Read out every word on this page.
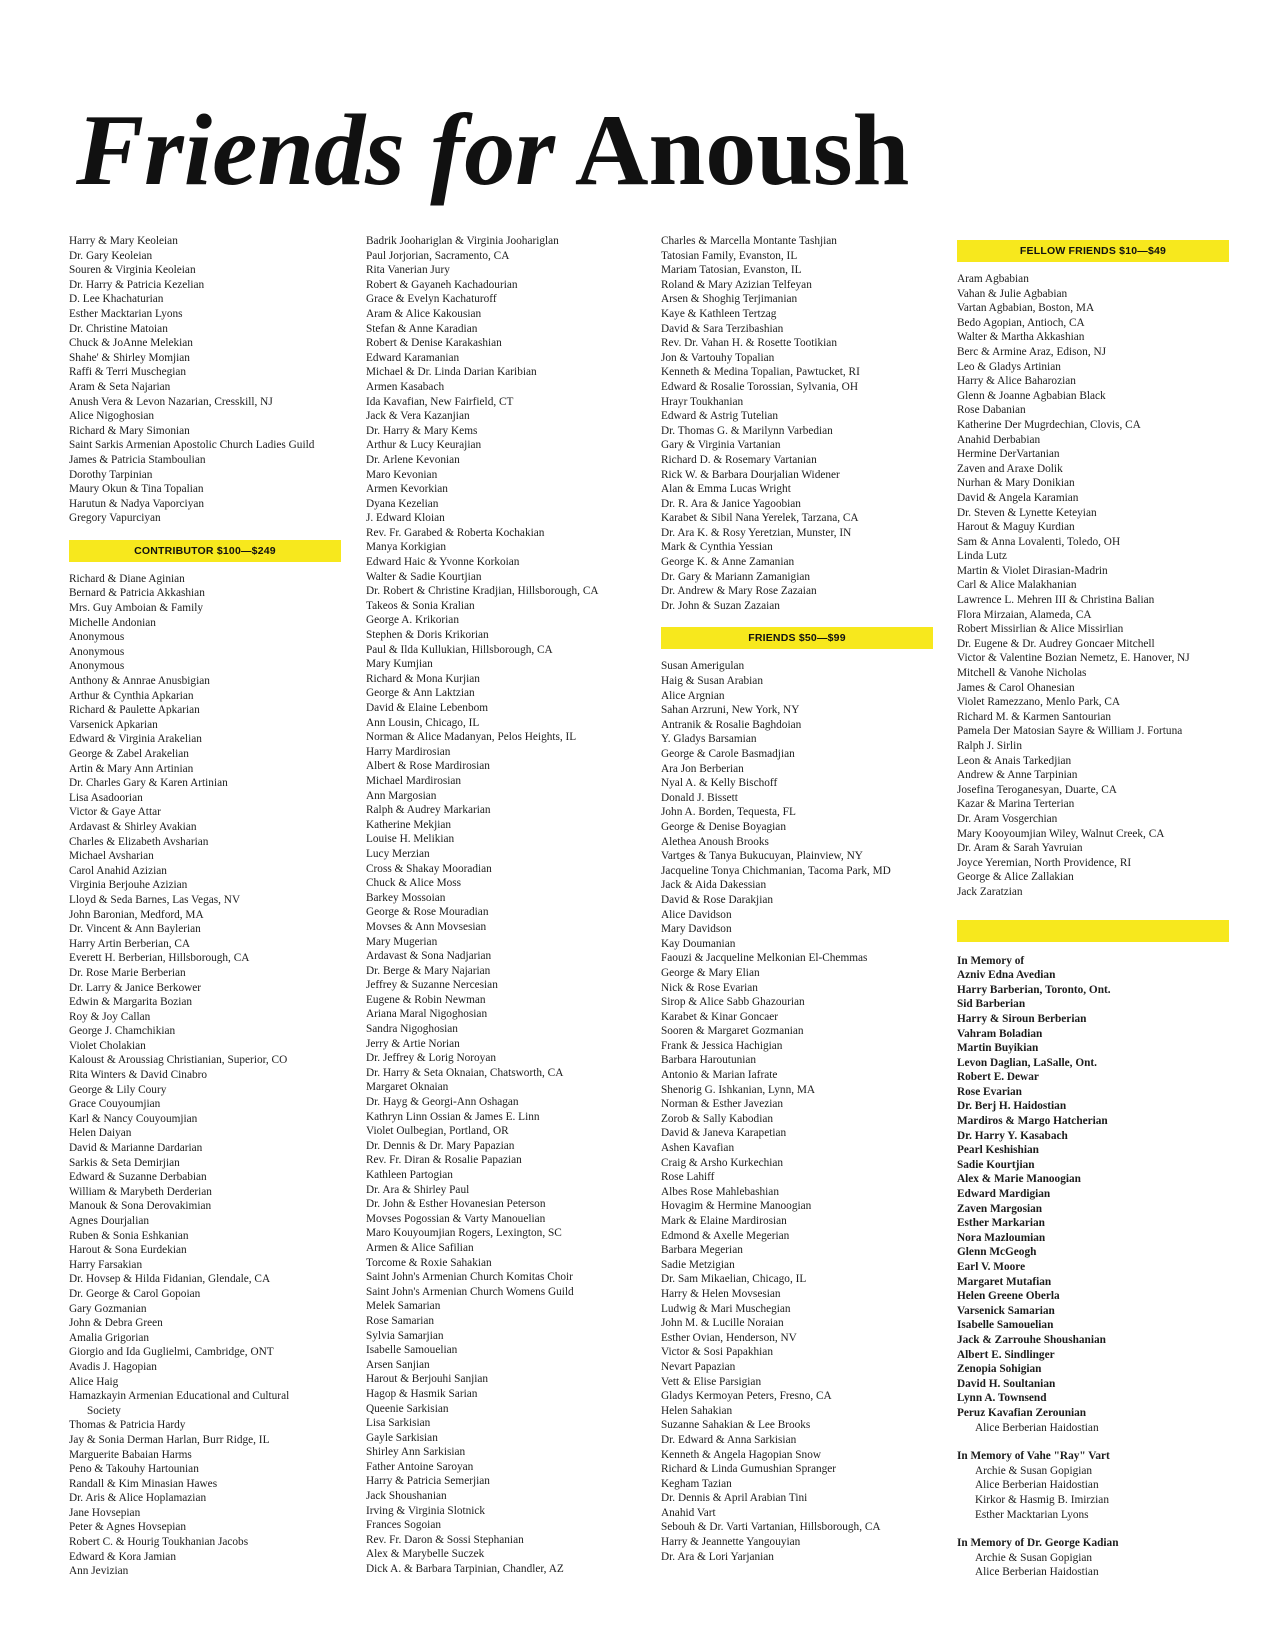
Friends for Anoush
Harry & Mary Keoleian
Dr. Gary Keoleian
Souren & Virginia Keoleian
Dr. Harry & Patricia Kezelian
D. Lee Khachaturian
Esther Macktarian Lyons
Dr. Christine Matoian
Chuck & JoAnne Melekian
Shahe' & Shirley Momjian
Raffi & Terri Muschegian
Aram & Seta Najarian
Anush Vera & Levon Nazarian, Cresskill, NJ
Alice Nigoghosian
Richard & Mary Simonian
Saint Sarkis Armenian Apostolic Church Ladies Guild
James & Patricia Stamboulian
Dorothy Tarpinian
Maury Okun & Tina Topalian
Harutun & Nadya Vaporciyan
Gregory Vapurciyan
CONTRIBUTOR $100—$249
Richard & Diane Aginian
Bernard & Patricia Akkashian
Mrs. Guy Amboian & Family
Michelle Andonian
Anonymous
Anonymous
Anonymous
Anthony & Annrae Anusbigian
Arthur & Cynthia Apkarian
Richard & Paulette Apkarian
Varsenick Apkarian
Edward & Virginia Arakelian
George & Zabel Arakelian
Artin & Mary Ann Artinian
Dr. Charles Gary & Karen Artinian
Lisa Asadoorian
Victor & Gaye Attar
Ardavast & Shirley Avakian
Charles & Elizabeth Avsharian
Michael Avsharian
Carol Anahid Azizian
Virginia Berjouhe Azizian
Lloyd & Seda Barnes, Las Vegas, NV
John Baronian, Medford, MA
Dr. Vincent & Ann Baylerian
Harry Artin Berberian, CA
Everett H. Berberian, Hillsborough, CA
Dr. Rose Marie Berberian
Dr. Larry & Janice Berkower
Edwin & Margarita Bozian
Roy & Joy Callan
George J. Chamchikian
Violet Cholakian
Kaloust & Aroussiag Christianian, Superior, CO
Rita Winters & David Cinabro
George & Lily Coury
Grace Couyoumjian
Karl & Nancy Couyoumjian
Helen Daiyan
David & Marianne Dardarian
Sarkis & Seta Demirjian
Edward & Suzanne Derbabian
William & Marybeth Derderian
Manouk & Sona Derovakimian
Agnes Dourjalian
Ruben & Sonia Eshkanian
Harout & Sona Eurdekian
Harry Farsakian
Dr. Hovsep & Hilda Fidanian, Glendale, CA
Dr. George & Carol Gopoian
Gary Gozmanian
John & Debra Green
Amalia Grigorian
Giorgio and Ida Guglielmi, Cambridge, ONT
Avadis J. Hagopian
Alice Haig
Hamazkayin Armenian Educational and Cultural
Society
Thomas & Patricia Hardy
Jay & Sonia Derman Harlan, Burr Ridge, IL
Marguerite Babaian Harms
Peno & Takouhy Hartounian
Randall & Kim Minasian Hawes
Dr. Aris & Alice Hoplamazian
Jane Hovsepian
Peter & Agnes Hovsepian
Robert C. & Hourig Toukhanian Jacobs
Edward & Kora Jamian
Ann Jevizian
Badrik Joohariglan & Virginia Joohariglan
Paul Jorjorian, Sacramento, CA
Rita Vanerian Jury
Robert & Gayaneh Kachadourian
Grace & Evelyn Kachaturoff
Aram & Alice Kakousian
Stefan & Anne Karadian
Robert & Denise Karakashian
Edward Karamanian
Michael & Dr. Linda Darian Karibian
Armen Kasabach
Ida Kavafian, New Fairfield, CT
Jack & Vera Kazanjian
Dr. Harry & Mary Kems
Arthur & Lucy Keurajian
Dr. Arlene Kevonian
Maro Kevonian
Armen Kevorkian
Dyana Kezelian
J. Edward Kloian
Rev. Fr. Garabed & Roberta Kochakian
Manya Korkigian
Edward Haic & Yvonne Korkoian
Walter & Sadie Kourtjian
Dr. Robert & Christine Kradjian, Hillsborough, CA
Takeos & Sonia Kralian
George A. Krikorian
Stephen & Doris Krikorian
Paul & Ilda Kullukian, Hillsborough, CA
Mary Kumjian
Richard & Mona Kurjian
George & Ann Laktzian
David & Elaine Lebenbom
Ann Lousin, Chicago, IL
Norman & Alice Madanyan, Pelos Heights, IL
Harry Mardirosian
Albert & Rose Mardirosian
Michael Mardirosian
Ann Margosian
Ralph & Audrey Markarian
Katherine Mekjian
Louise H. Melikian
Lucy Merzian
Cross & Shakay Mooradian
Chuck & Alice Moss
Barkey Mossoian
George & Rose Mouradian
Movses & Ann Movsesian
Mary Mugerian
Ardavast & Sona Nadjarian
Dr. Berge & Mary Najarian
Jeffrey & Suzanne Nercesian
Eugene & Robin Newman
Ariana Maral Nigoghosian
Sandra Nigoghosian
Jerry & Artie Norian
Dr. Jeffrey & Lorig Noroyan
Dr. Harry & Seta Oknaian, Chatsworth, CA
Margaret Oknaian
Dr. Hayg & Georgi-Ann Oshagan
Kathryn Linn Ossian & James E. Linn
Violet Oulbegian, Portland, OR
Dr. Dennis & Dr. Mary Papazian
Rev. Fr. Diran & Rosalie Papazian
Kathleen Partogian
Dr. Ara & Shirley Paul
Dr. John & Esther Hovanesian Peterson
Movses Pogossian & Varty Manouelian
Maro Kouyoumjian Rogers, Lexington, SC
Armen & Alice Safilian
Torcome & Roxie Sahakian
Saint John's Armenian Church Komitas Choir
Saint John's Armenian Church Womens Guild
Melek Samarian
Rose Samarian
Sylvia Samarjian
Isabelle Samouelian
Arsen Sanjian
Harout & Berjouhi Sanjian
Hagop & Hasmik Sarian
Queenie Sarkisian
Lisa Sarkisian
Gayle Sarkisian
Shirley Ann Sarkisian
Father Antoine Saroyan
Harry & Patricia Semerjian
Jack Shoushanian
Irving & Virginia Slotnick
Frances Sogoian
Rev. Fr. Daron & Sossi Stephanian
Alex & Marybelle Suczek
Dick A. & Barbara Tarpinian, Chandler, AZ
Charles & Marcella Montante Tashjian
Tatosian Family, Evanston, IL
Mariam Tatosian, Evanston, IL
Roland & Mary Azizian Telfeyan
Arsen & Shoghig Terjimanian
Kaye & Kathleen Tertzag
David & Sara Terzibashian
Rev. Dr. Vahan H. & Rosette Tootikian
Jon & Vartouhy Topalian
Kenneth & Medina Topalian, Pawtucket, RI
Edward & Rosalie Torossian, Sylvania, OH
Hrayr Toukhanian
Edward & Astrig Tutelian
Dr. Thomas G. & Marilynn Varbedian
Gary & Virginia Vartanian
Richard D. & Rosemary Vartanian
Rick W. & Barbara Dourjalian Widener
Alan & Emma Lucas Wright
Dr. R. Ara & Janice Yagoobian
Karabet & Sibil Nana Yerelek, Tarzana, CA
Dr. Ara K. & Rosy Yeretzian, Munster, IN
Mark & Cynthia Yessian
George K. & Anne Zamanian
Dr. Gary & Mariann Zamanigian
Dr. Andrew & Mary Rose Zazaian
Dr. John & Suzan Zazaian
FRIENDS $50—$99
Susan Amerigulan
Haig & Susan Arabian
Alice Argnian
Sahan Arzruni, New York, NY
Antranik & Rosalie Baghdoian
Y. Gladys Barsamian
George & Carole Basmadjian
Ara Jon Berberian
Nyal A. & Kelly Bischoff
Donald J. Bissett
John A. Borden, Tequesta, FL
George & Denise Boyagian
Alethea Anoush Brooks
Vartges & Tanya Bukucuyan, Plainview, NY
Jacqueline Tonya Chichmanian, Tacoma Park, MD
Jack & Aida Dakessian
David & Rose Darakjian
Alice Davidson
Mary Davidson
Kay Doumanian
Faouzi & Jacqueline Melkonian El-Chemmas
George & Mary Elian
Nick & Rose Evarian
Sirop & Alice Sabb Ghazourian
Karabet & Kinar Goncaer
Sooren & Margaret Gozmanian
Frank & Jessica Hachigian
Barbara Haroutunian
Antonio & Marian Iafrate
Shenorig G. Ishkanian, Lynn, MA
Norman & Esther Javezian
Zorob & Sally Kabodian
David & Janeva Karapetian
Ashen Kavafian
Craig & Arsho Kurkechian
Rose Lahiff
Albes Rose Mahlebashian
Hovagim & Hermine Manoogian
Mark & Elaine Mardirosian
Edmond & Axelle Megerian
Barbara Megerian
Sadie Metzigian
Dr. Sam Mikaelian, Chicago, IL
Harry & Helen Movsesian
Ludwig & Mari Muschegian
John M. & Lucille Noraian
Esther Ovian, Henderson, NV
Victor & Sosi Papakhian
Nevart Papazian
Vett & Elise Parsigian
Gladys Kermoyan Peters, Fresno, CA
Helen Sahakian
Suzanne Sahakian & Lee Brooks
Dr. Edward & Anna Sarkisian
Kenneth & Angela Hagopian Snow
Richard & Linda Gumushian Spranger
Kegham Tazian
Dr. Dennis & April Arabian Tini
Anahid Vart
Sebouh & Dr. Varti Vartanian, Hillsborough, CA
Harry & Jeannette Yangouyian
Dr. Ara & Lori Yarjanian
FELLOW FRIENDS $10—$49
Aram Agbabian
Vahan & Julie Agbabian
Vartan Agbabian, Boston, MA
Bedo Agopian, Antioch, CA
Walter & Martha Akkashian
Berc & Armine Araz, Edison, NJ
Leo & Gladys Artinian
Harry & Alice Baharozian
Glenn & Joanne Agbabian Black
Rose Dabanian
Katherine Der Mugrdechian, Clovis, CA
Anahid Derbabian
Hermine DerVartanian
Zaven and Araxe Dolik
Nurhan & Mary Donikian
David & Angela Karamian
Dr. Steven & Lynette Keteyian
Harout & Maguy Kurdian
Sam & Anna Lovalenti, Toledo, OH
Linda Lutz
Martin & Violet Dirasian-Madrin
Carl & Alice Malakhanian
Lawrence L. Mehren III & Christina Balian
Flora Mirzaian, Alameda, CA
Robert Missirlian & Alice Missirlian
Dr. Eugene & Dr. Audrey Goncaer Mitchell
Victor & Valentine Bozian Nemetz, E. Hanover, NJ
Mitchell & Vanohe Nicholas
James & Carol Ohanesian
Violet Ramezzano, Menlo Park, CA
Richard M. & Karmen Santourian
Pamela Der Matosian Sayre & William J. Fortuna
Ralph J. Sirlin
Leon & Anais Tarkedjian
Andrew & Anne Tarpinian
Josefina Teroganesyan, Duarte, CA
Kazar & Marina Terterian
Dr. Aram Vosgerchian
Mary Kooyoumjian Wiley, Walnut Creek, CA
Dr. Aram & Sarah Yavruian
Joyce Yeremian, North Providence, RI
George & Alice Zallakian
Jack Zaratzian
In Memory of
Azniv Edna Avedian
Harry Barberian, Toronto, Ont.
Sid Barberian
Harry & Siroun Berberian
Vahram Boladian
Martin Buyikian
Levon Daglian, LaSalle, Ont.
Robert E. Dewar
Rose Evarian
Dr. Berj H. Haidostian
Mardiros & Margo Hatcherian
Dr. Harry Y. Kasabach
Pearl Keshishian
Sadie Kourtjian
Alex & Marie Manoogian
Edward Mardigian
Zaven Margosian
Esther Markarian
Nora Mazloumian
Glenn McGeogh
Earl V. Moore
Margaret Mutafian
Helen Greene Oberla
Varsenick Samarian
Isabelle Samouelian
Jack & Zarrouhe Shoushanian
Albert E. Sindlinger
Zenopia Sohigian
David H. Soultanian
Lynn A. Townsend
Peruz Kavafian Zerounian
Alice Berberian Haidostian
In Memory of Vahe "Ray" Vart
Archie & Susan Gopigian
Alice Berberian Haidostian
Kirkor & Hasmig B. Imirzian
Esther Macktarian Lyons
In Memory of Dr. George Kadian
Archie & Susan Gopigian
Alice Berberian Haidostian
